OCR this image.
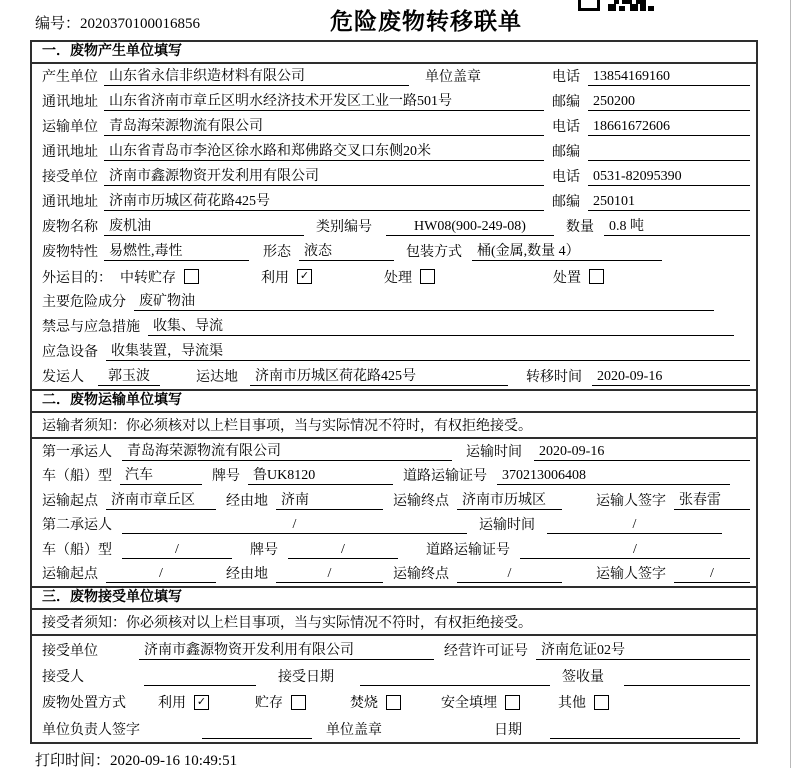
编号：2020370100016856	危险废物转移联单
一．废物产生单位填写
产生单位 山东省永信非织造材料有限公司	单位盖章	电话 13854169160
通讯地址 山东省济南市章丘区明水经济技术开发区工业一路501号	邮编 250200
运输单位 青岛海荣源物流有限公司	电话 18661672606
通讯地址 山东省青岛市李沧区徐水路和郑佛路交叉口东侧20米	邮编
接受单位 济南市鑫源物资开发利用有限公司	电话 0531-82095390
通讯地址 济南市历城区荷花路425号	邮编 250101
废物名称 废机油	类别编号	HW08(900-249-08)	数量	0.8 吨
废物特性 易燃性,毒性	形态 液态	包装方式	桶(金属,数量 4）
外运目的： 中转贮存	利用 ✓	处理	处置
主要危险成分 废矿物油
禁忌与应急措施 收集、导流
应急设备 收集装置，导流渠
发运人	郭玉波	运达地	济南市历城区荷花路425号	转移时间	2020-09-16
二．废物运输单位填写
运输者须知：你必须核对以上栏目事项，当与实际情况不符时，有权拒绝接受。
第一承运人	青岛海荣源物流有限公司	运输时间	2020-09-16
车（船）型 汽车	牌号 鲁UK8120	道路运输证号	370213006408
运输起点 济南市章丘区	经由地 济南	运输终点 济南市历城区	运输人签字 张春雷
第二承运人	/	运输时间	/
车（船）型	/	牌号	/	道路运输证号	/
运输起点	/	经由地	/	运输终点	/	运输人签字	/
三．废物接受单位填写
接受者须知：你必须核对以上栏目事项，当与实际情况不符时，有权拒绝接受。
接受单位	济南市鑫源物资开发利用有限公司	经营许可证号 济南危证02号
接受人	接受日期	签收量
废物处置方式 利用 ✓	贮存	焚烧	安全填埋	其他
单位负责人签字	单位盖章	日期
打印时间：2020-09-16 10:49:51
